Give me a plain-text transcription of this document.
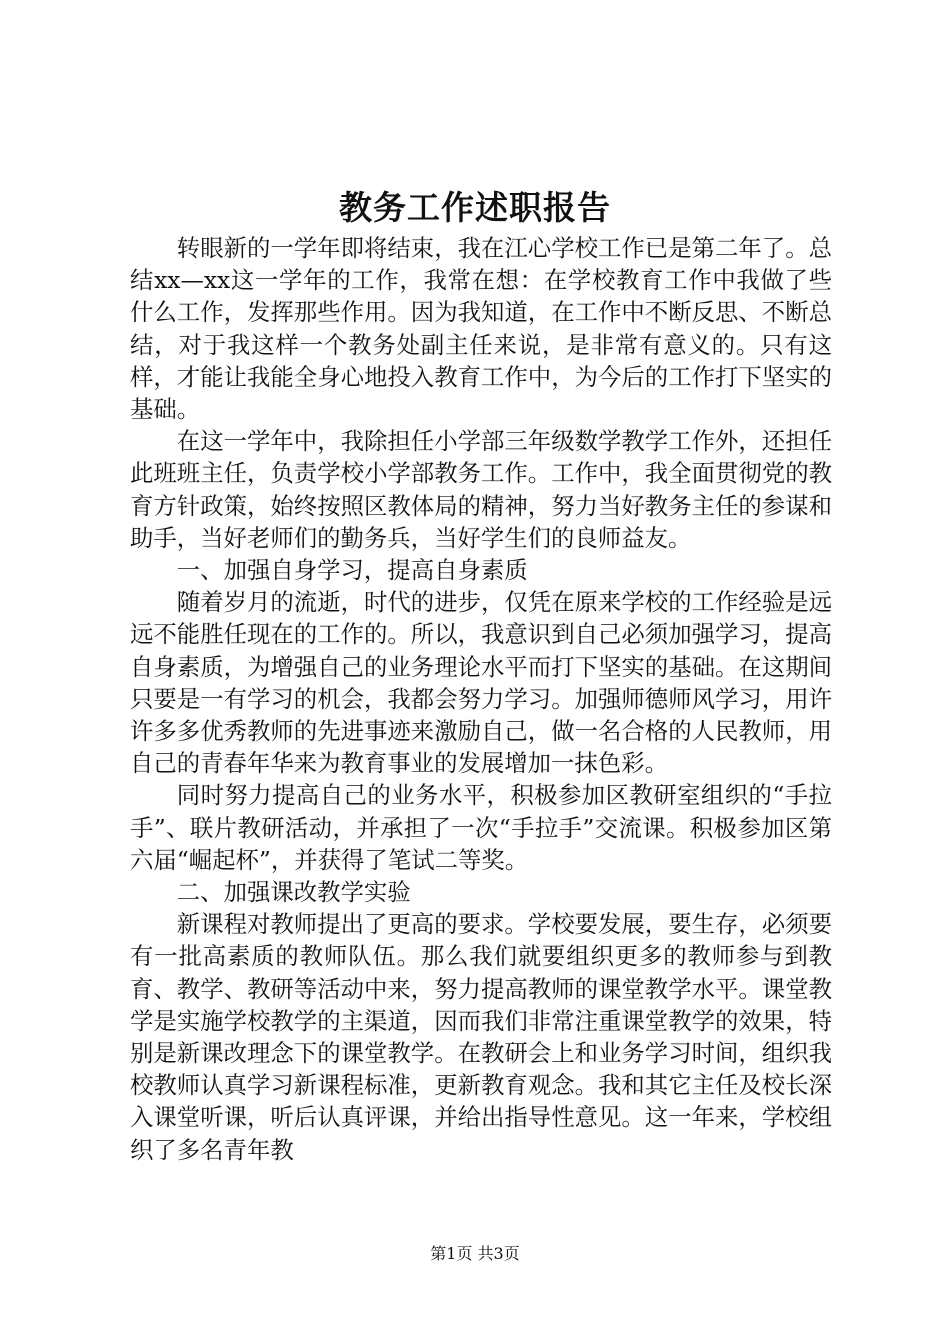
教务工作述职报告

转眼新的一学年即将结束，我在江心学校工作已是第二年了。总结xx—xx这一学年的工作，我常在想：在学校教育工作中我做了些什么工作，发挥那些作用。因为我知道，在工作中不断反思、不断总结，对于我这样一个教务处副主任来说，是非常有意义的。只有这样，才能让我能全身心地投入教育工作中，为今后的工作打下坚实的基础。

在这一学年中，我除担任小学部三年级数学教学工作外，还担任此班班主任，负责学校小学部教务工作。工作中，我全面贯彻党的教育方针政策，始终按照区教体局的精神，努力当好教务主任的参谋和助手，当好老师们的勤务兵，当好学生们的良师益友。

一、加强自身学习，提高自身素质

随着岁月的流逝，时代的进步，仅凭在原来学校的工作经验是远远不能胜任现在的工作的。所以，我意识到自己必须加强学习，提高自身素质，为增强自己的业务理论水平而打下坚实的基础。在这期间只要是一有学习的机会，我都会努力学习。加强师德师风学习，用许许多多优秀教师的先进事迹来激励自己，做一名合格的人民教师，用自己的青春年华来为教育事业的发展增加一抹色彩。

同时努力提高自己的业务水平，积极参加区教研室组织的“手拉手”、联片教研活动，并承担了一次“手拉手”交流课。积极参加区第六届“崛起杯”，并获得了笔试二等奖。

二、加强课改教学实验

新课程对教师提出了更高的要求。学校要发展，要生存，必须要有一批高素质的教师队伍。那么我们就要组织更多的教师参与到教育、教学、教研等活动中来，努力提高教师的课堂教学水平。课堂教学是实施学校教学的主渠道，因而我们非常注重课堂教学的效果，特别是新课改理念下的课堂教学。在教研会上和业务学习时间，组织我校教师认真学习新课程标准，更新教育观念。我和其它主任及校长深入课堂听课，听后认真评课，并给出指导性意见。这一年来，学校组织了多名青年教

第1页 共3页
